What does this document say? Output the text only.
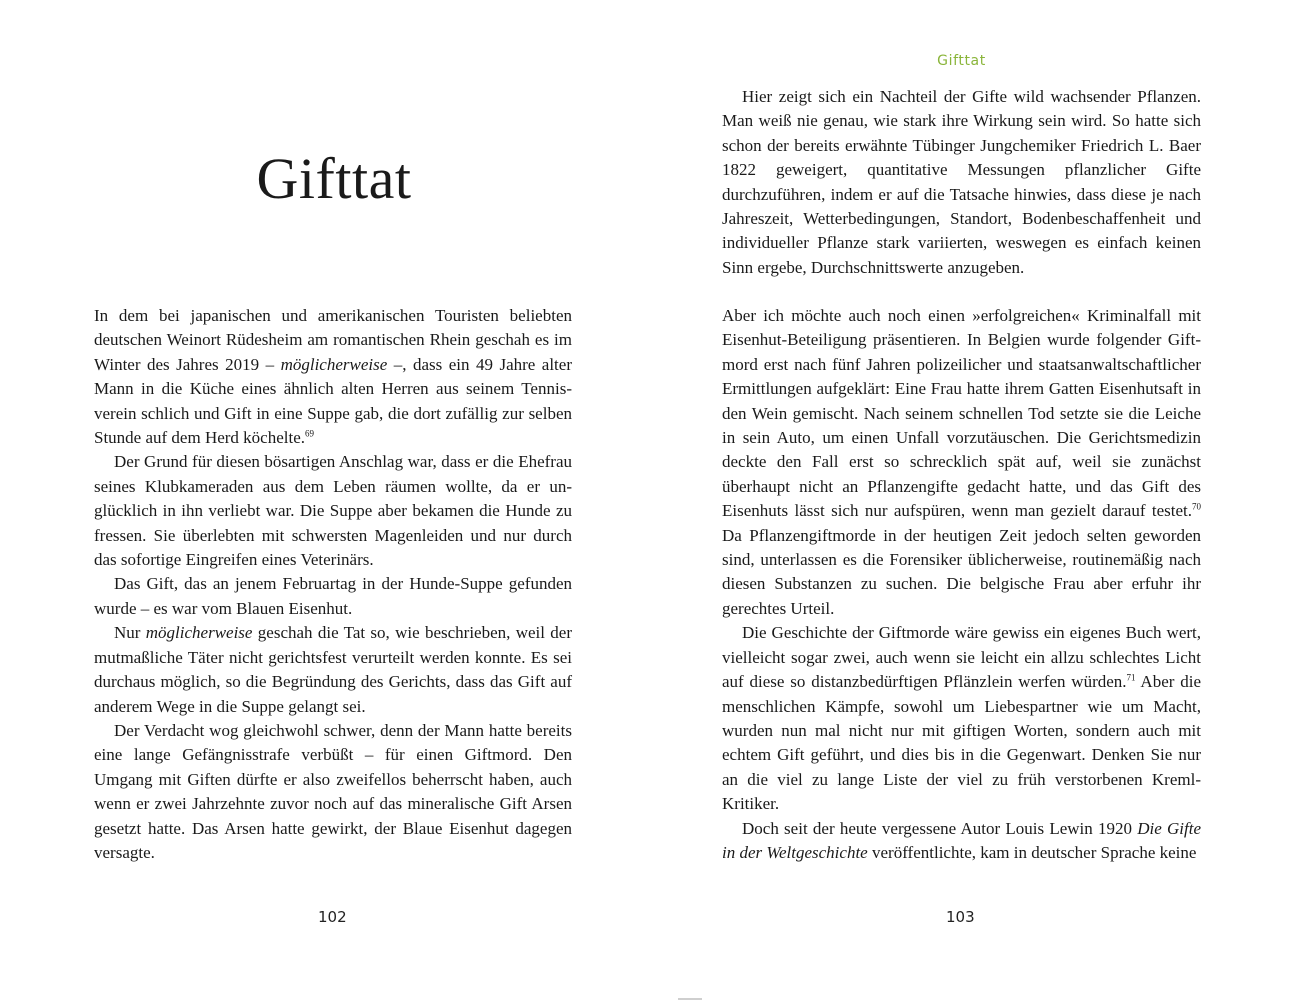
Gifttat

In dem bei japanischen und amerikanischen Touristen beliebten deutschen Weinort Rüdesheim am romantischen Rhein geschah es im Winter des Jahres 2019 – möglicherweise –, dass ein 49 Jahre alter Mann in die Küche eines ähnlich alten Herren aus seinem Tennisverein schlich und Gift in eine Suppe gab, die dort zufällig zur selben Stunde auf dem Herd köchelte.$^{69}$

Der Grund für diesen bösartigen Anschlag war, dass er die Ehefrau seines Klubkameraden aus dem Leben räumen wollte, da er unglücklich in ihn verliebt war. Die Suppe aber bekamen die Hunde zu fressen. Sie überlebten mit schwersten Magenleiden und nur durch das sofortige Eingreifen eines Veterinärs.

Das Gift, das an jenem Februartag in der Hunde-Suppe gefunden wurde – es war vom Blauen Eisenhut.

Nur möglicherweise geschah die Tat so, wie beschrieben, weil der mutmaßliche Täter nicht gerichtsfest verurteilt werden konnte. Es sei durchaus möglich, so die Begründung des Gerichts, dass das Gift auf anderem Wege in die Suppe gelangt sei.

Der Verdacht wog gleichwohl schwer, denn der Mann hatte bereits eine lange Gefängnisstrafe verbüßt – für einen Giftmord. Den Umgang mit Giften dürfte er also zweifellos beherrscht haben, auch wenn er zwei Jahrzehnte zuvor noch auf das mineralische Gift Arsen gesetzt hatte. Das Arsen hatte gewirkt, der Blaue Eisenhut dagegen versagte.

102
Gifttat

Hier zeigt sich ein Nachteil der Gifte wild wachsender Pflanzen. Man weiß nie genau, wie stark ihre Wirkung sein wird. So hatte sich schon der bereits erwähnte Tübinger Jungchemiker Friedrich L. Baer 1822 geweigert, quantitative Messungen pflanzlicher Gifte durchzuführen, indem er auf die Tatsache hinwies, dass diese je nach Jahreszeit, Wetterbedingungen, Standort, Bodenbeschaffenheit und individueller Pflanze stark variierten, weswegen es einfach keinen Sinn ergebe, Durchschnittswerte anzugeben.

Aber ich möchte auch noch einen »erfolgreichen« Kriminalfall mit Eisenhut-Beteiligung präsentieren. In Belgien wurde folgender Giftmord erst nach fünf Jahren polizeilicher und staatsanwaltschaftlicher Ermittlungen aufgeklärt: Eine Frau hatte ihrem Gatten Eisenhutsaft in den Wein gemischt. Nach seinem schnellen Tod setzte sie die Leiche in sein Auto, um einen Unfall vorzutäuschen. Die Gerichtsmedizin deckte den Fall erst so schrecklich spät auf, weil sie zunächst überhaupt nicht an Pflanzengifte gedacht hatte, und das Gift des Eisenhuts lässt sich nur aufspüren, wenn man gezielt darauf testet.$^{70}$ Da Pflanzengiftmorde in der heutigen Zeit jedoch selten geworden sind, unterlassen es die Forensiker üblicherweise, routinemäßig nach diesen Substanzen zu suchen. Die belgische Frau aber erfuhr ihr gerechtes Urteil.

Die Geschichte der Giftmorde wäre gewiss ein eigenes Buch wert, vielleicht sogar zwei, auch wenn sie leicht ein allzu schlechtes Licht auf diese so distanzbedürftigen Pflänzlein werfen würden.$^{71}$ Aber die menschlichen Kämpfe, sowohl um Liebespartner wie um Macht, wurden nun mal nicht nur mit giftigen Worten, sondern auch mit echtem Gift geführt, und dies bis in die Gegenwart. Denken Sie nur an die viel zu lange Liste der viel zu früh verstorbenen Kreml-Kritiker.

Doch seit der heute vergessene Autor Louis Lewin 1920 Die Gifte in der Weltgeschichte veröffentlichte, kam in deutscher Sprache keine

103
